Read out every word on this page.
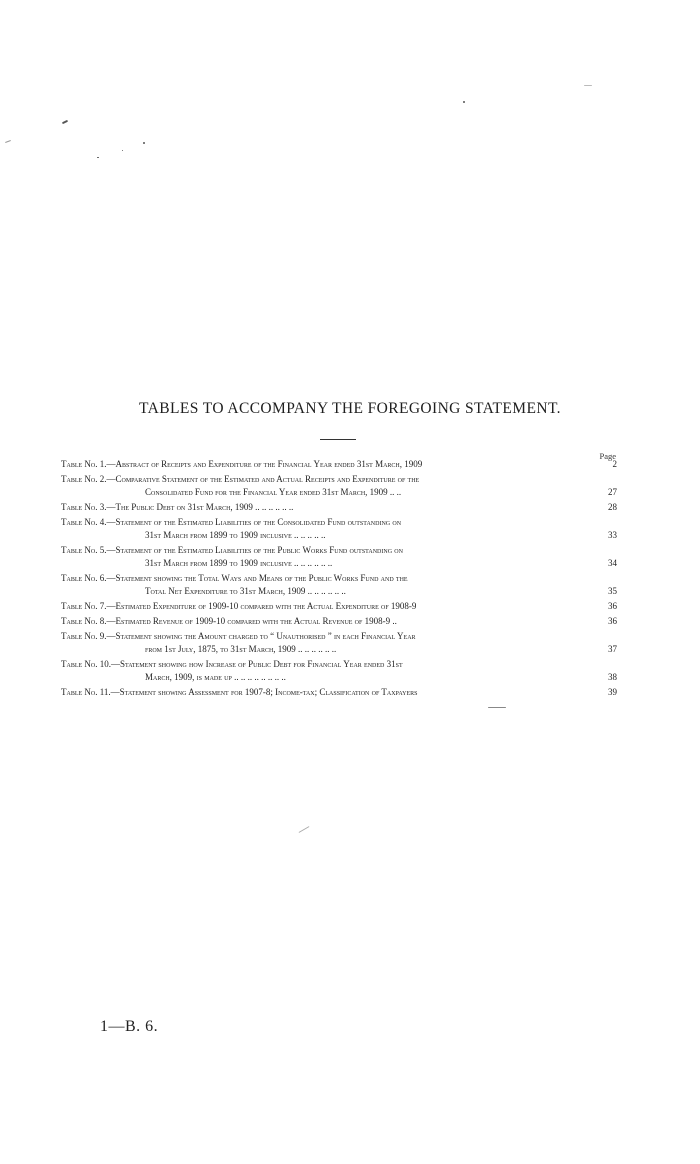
TABLES TO ACCOMPANY THE FOREGOING STATEMENT.
Page
Table No. 1.—Abstract of Receipts and Expenditure of the Financial Year ended 31st March, 1909	2
Table No. 2.—Comparative Statement of the Estimated and Actual Receipts and Expenditure of the
Consolidated Fund for the Financial Year ended 31st March, 1909 .. ..	27
Table No. 3.—The Public Debt on 31st March, 1909 .. .. .. .. .. ..	28
Table No. 4.—Statement of the Estimated Liabilities of the Consolidated Fund outstanding on
31st March from 1899 to 1909 inclusive .. .. .. .. ..	33
Table No. 5.—Statement of the Estimated Liabilities of the Public Works Fund outstanding on
31st March from 1899 to 1909 inclusive .. .. .. .. .. ..	34
Table No. 6.—Statement showing the Total Ways and Means of the Public Works Fund and the
Total Net Expenditure to 31st March, 1909 .. .. .. .. .. ..	35
Table No. 7.—Estimated Expenditure of 1909-10 compared with the Actual Expenditure of 1908-9	36
Table No. 8.—Estimated Revenue of 1909-10 compared with the Actual Revenue of 1908-9 ..	36
Table No. 9.—Statement showing the Amount charged to “ Unauthorised ” in each Financial Year
from 1st July, 1875, to 31st March, 1909 .. .. .. .. .. ..	37
Table No. 10.—Statement showing how Increase of Public Debt for Financial Year ended 31st
March, 1909, is made up .. .. .. .. .. .. .. ..	38
Table No. 11.—Statement showing Assessment for 1907-8; Income-tax; Classification of Taxpayers	39
1—B. 6.
